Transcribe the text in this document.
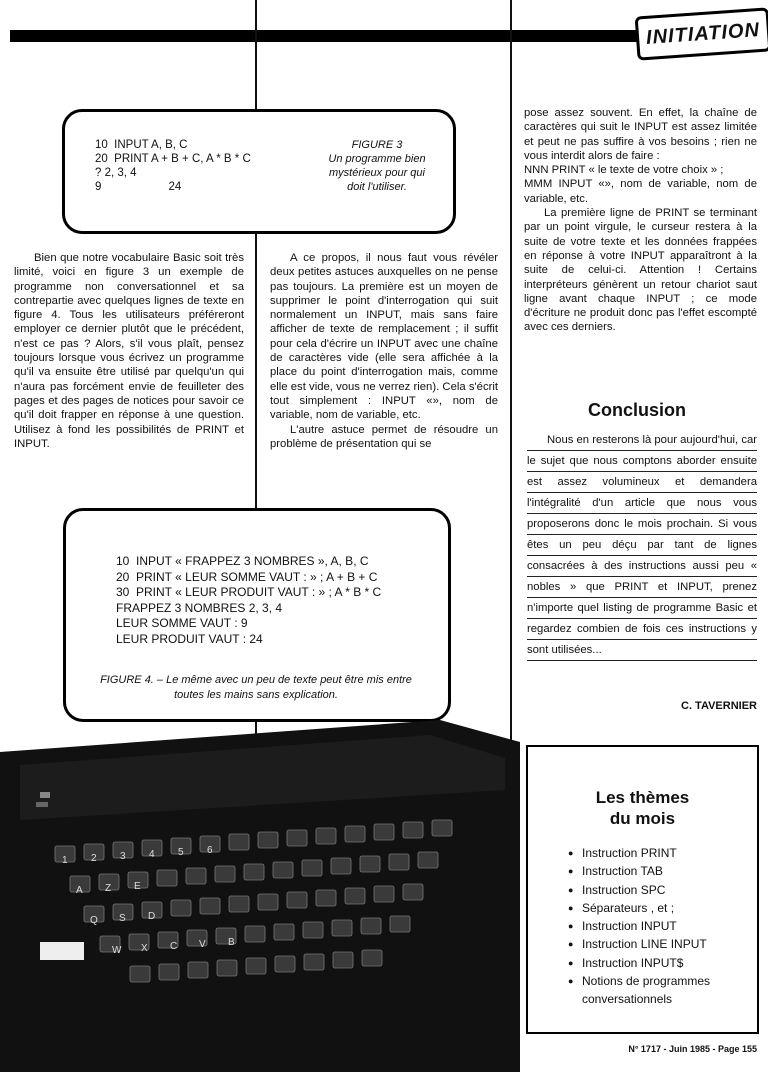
INITIATION
10  INPUT A, B, C
20  PRINT A + B + C, A * B * C
? 2, 3, 4
9                     24
FIGURE 3
Un programme bien
mystérieux pour qui
doit l'utiliser.

Bien que notre vocabulaire Basic soit très limité, voici en figure 3 un exemple de programme non conversationnel et sa contrepartie avec quelques lignes de texte en figure 4. Tous les utilisateurs préféreront employer ce dernier plutôt que le précédent, n'est ce pas ? Alors, s'il vous plaît, pensez toujours lorsque vous écrivez un programme qu'il va ensuite être utilisé par quelqu'un qui n'aura pas forcément envie de feuilleter des pages et des pages de notices pour savoir ce qu'il doit frapper en réponse à une question. Utilisez à fond les possibilités de PRINT et INPUT.

A ce propos, il nous faut vous révéler deux petites astuces auxquelles on ne pense pas toujours. La première est un moyen de supprimer le point d'interrogation qui suit normalement un INPUT, mais sans faire afficher de texte de remplacement ; il suffit pour cela d'écrire un INPUT avec une chaîne de caractères vide (elle sera affichée à la place du point d'interrogation mais, comme elle est vide, vous ne verrez rien). Cela s'écrit tout simplement : INPUT «», nom de variable, nom de variable, etc.

L'autre astuce permet de résoudre un problème de présentation qui se

pose assez souvent. En effet, la chaîne de caractères qui suit le INPUT est assez limitée et peut ne pas suffire à vos besoins ; rien ne vous interdit alors de faire :

NNN PRINT « le texte de votre choix » ;

MMM INPUT «», nom de variable, nom de variable, etc.

La première ligne de PRINT se terminant par un point virgule, le curseur restera à la suite de votre texte et les données frappées en réponse à votre INPUT apparaîtront à la suite de celui-ci. Attention ! Certains interpréteurs génèrent un retour chariot saut ligne avant chaque INPUT ; ce mode d'écriture ne produit donc pas l'effet escompté avec ces derniers.

Conclusion

Nous en resterons là pour aujourd'hui, car le sujet que nous comptons aborder ensuite est assez volumineux et demandera l'intégralité d'un article que nous vous proposerons donc le mois prochain. Si vous êtes un peu déçu par tant de lignes consacrées à des instructions aussi peu « nobles » que PRINT et INPUT, prenez n'importe quel listing de programme Basic et regardez combien de fois ces instructions y sont utilisées...

C. TAVERNIER
10  INPUT « FRAPPEZ 3 NOMBRES », A, B, C
20  PRINT « LEUR SOMME VAUT : » ; A + B + C
30  PRINT « LEUR PRODUIT VAUT : » ; A * B * C
FRAPPEZ 3 NOMBRES 2, 3, 4
LEUR SOMME VAUT : 9
LEUR PRODUIT VAUT : 24
FIGURE 4. – Le même avec un peu de texte peut être mis entre toutes les mains sans explication.
1 2 3 4 5 6
A Z E
Q S D
W X C V B
Les thèmes
du mois
● Instruction PRINT
● Instruction TAB
● Instruction SPC
● Séparateurs , et ;
● Instruction INPUT
● Instruction LINE INPUT
● Instruction INPUT$
● Notions de programmes conversationnels
N° 1717 - Juin 1985 - Page 155
